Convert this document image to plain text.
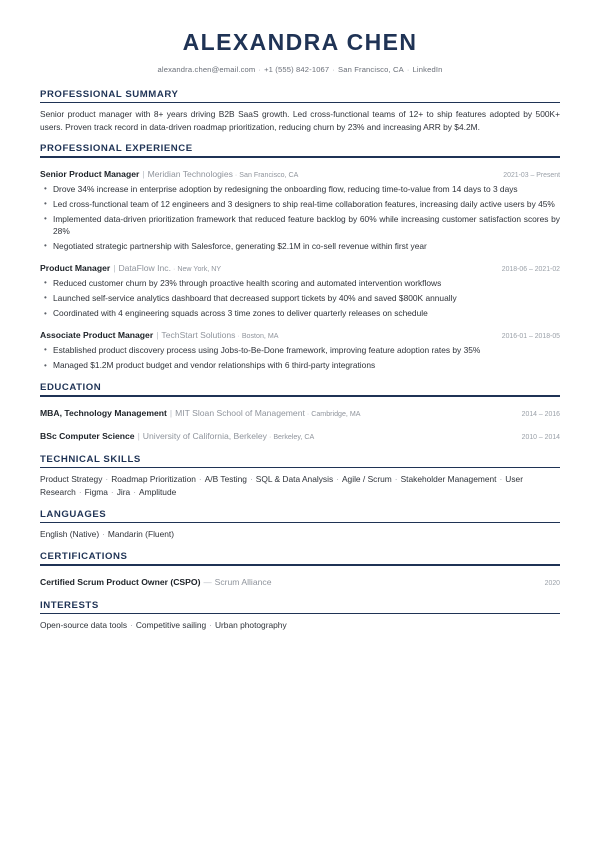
ALEXANDRA CHEN
alexandra.chen@email.com · +1 (555) 842-1067 · San Francisco, CA · LinkedIn
PROFESSIONAL SUMMARY
Senior product manager with 8+ years driving B2B SaaS growth. Led cross-functional teams of 12+ to ship features adopted by 500K+ users. Proven track record in data-driven roadmap prioritization, reducing churn by 23% and increasing ARR by $4.2M.
PROFESSIONAL EXPERIENCE
Senior Product Manager | Meridian Technologies · San Francisco, CA	2021-03 – Present
• Drove 34% increase in enterprise adoption by redesigning the onboarding flow, reducing time-to-value from 14 days to 3 days
• Led cross-functional team of 12 engineers and 3 designers to ship real-time collaboration features, increasing daily active users by 45%
• Implemented data-driven prioritization framework that reduced feature backlog by 60% while increasing customer satisfaction scores by 28%
• Negotiated strategic partnership with Salesforce, generating $2.1M in co-sell revenue within first year
Product Manager | DataFlow Inc. · New York, NY	2018-06 – 2021-02
• Reduced customer churn by 23% through proactive health scoring and automated intervention workflows
• Launched self-service analytics dashboard that decreased support tickets by 40% and saved $800K annually
• Coordinated with 4 engineering squads across 3 time zones to deliver quarterly releases on schedule
Associate Product Manager | TechStart Solutions · Boston, MA	2016-01 – 2018-05
• Established product discovery process using Jobs-to-Be-Done framework, improving feature adoption rates by 35%
• Managed $1.2M product budget and vendor relationships with 6 third-party integrations
EDUCATION
MBA, Technology Management | MIT Sloan School of Management · Cambridge, MA	2014 – 2016
BSc Computer Science | University of California, Berkeley · Berkeley, CA	2010 – 2014
TECHNICAL SKILLS
Product Strategy · Roadmap Prioritization · A/B Testing · SQL & Data Analysis · Agile / Scrum · Stakeholder Management · User Research · Figma · Jira · Amplitude
LANGUAGES
English (Native) · Mandarin (Fluent)
CERTIFICATIONS
Certified Scrum Product Owner (CSPO) — Scrum Alliance	2020
INTERESTS
Open-source data tools · Competitive sailing · Urban photography
